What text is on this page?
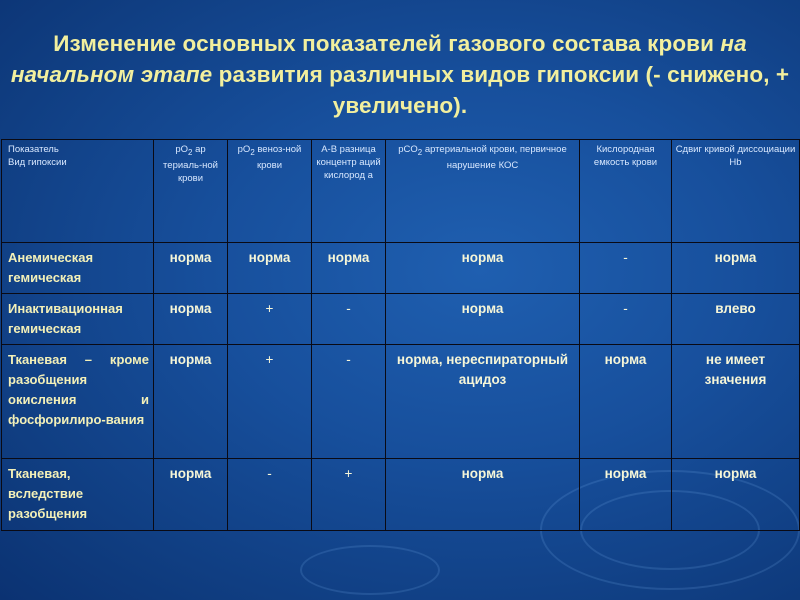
Изменение основных показателей газового состава крови на начальном этапе развития различных видов гипоксии (- снижено, + увеличено).
Показатель
Вид гипоксии	$pO_2$ ар териаль-ной крови	$pO_2$ веноз-ной крови	А-В разница концентр аций кислород а	pCO$_2$ артериальной крови, первичное нарушение КОС	Кислородная емкость крови	Сдвиг кривой диссоциации Hb
Анемическая гемическая	норма	норма	норма	норма	-	норма
Инактивационная гемическая	норма	+	-	норма	-	влево
Тканевая – кроме разобщения окисления и фосфорилиро-вания	норма	+	-	норма, нереспираторный ацидоз	норма	не имеет значения
Тканевая, вследствие разобщения	норма	-	+	норма	норма	норма
